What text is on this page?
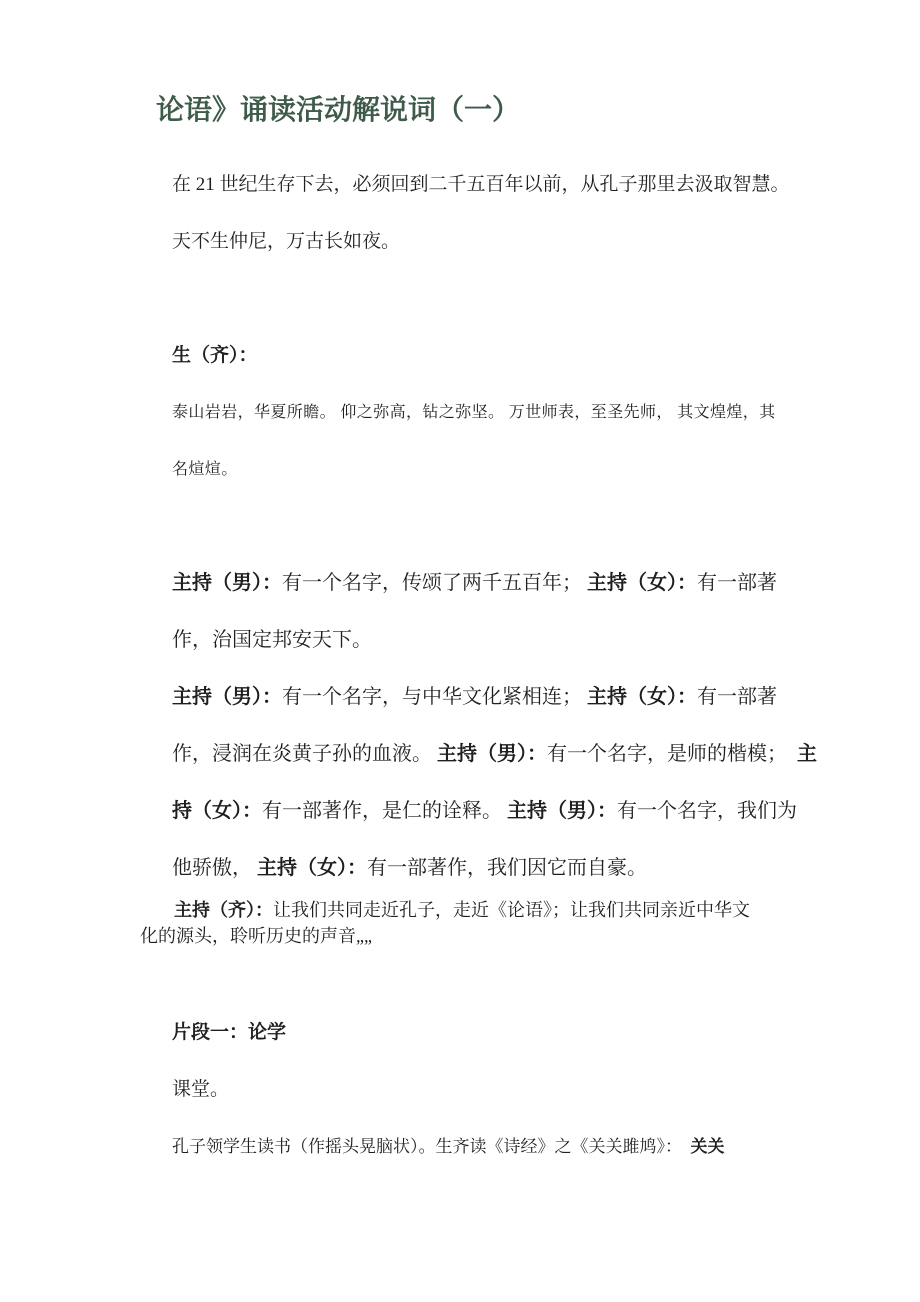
论语》诵读活动解说词（一）
在 21 世纪生存下去，必须回到二千五百年以前，从孔子那里去汲取智慧。
天不生仲尼，万古长如夜。
生（齐）：
泰山岩岩，华夏所瞻。 仰之弥高，钻之弥坚。 万世师表，至圣先师， 其文煌煌，其
名煊煊。
主持（男）：有一个名字，传颂了两千五百年； 主持（女）：有一部著
作，治国定邦安天下。
主持（男）：有一个名字，与中华文化紧相连； 主持（女）：有一部著
作，浸润在炎黄子孙的血液。 主持（男）：有一个名字，是师的楷模；  主
持（女）：有一部著作，是仁的诠释。 主持（男）：有一个名字，我们为
他骄傲， 主持（女）：有一部著作，我们因它而自豪。
主持（齐）：让我们共同走近孔子，走近《论语》；让我们共同亲近中华文
化的源头，聆听历史的声音„„
片段一：论学
课堂。
孔子领学生读书（作摇头晃脑状）。生齐读《诗经》之《关关雎鸠》：  关关
